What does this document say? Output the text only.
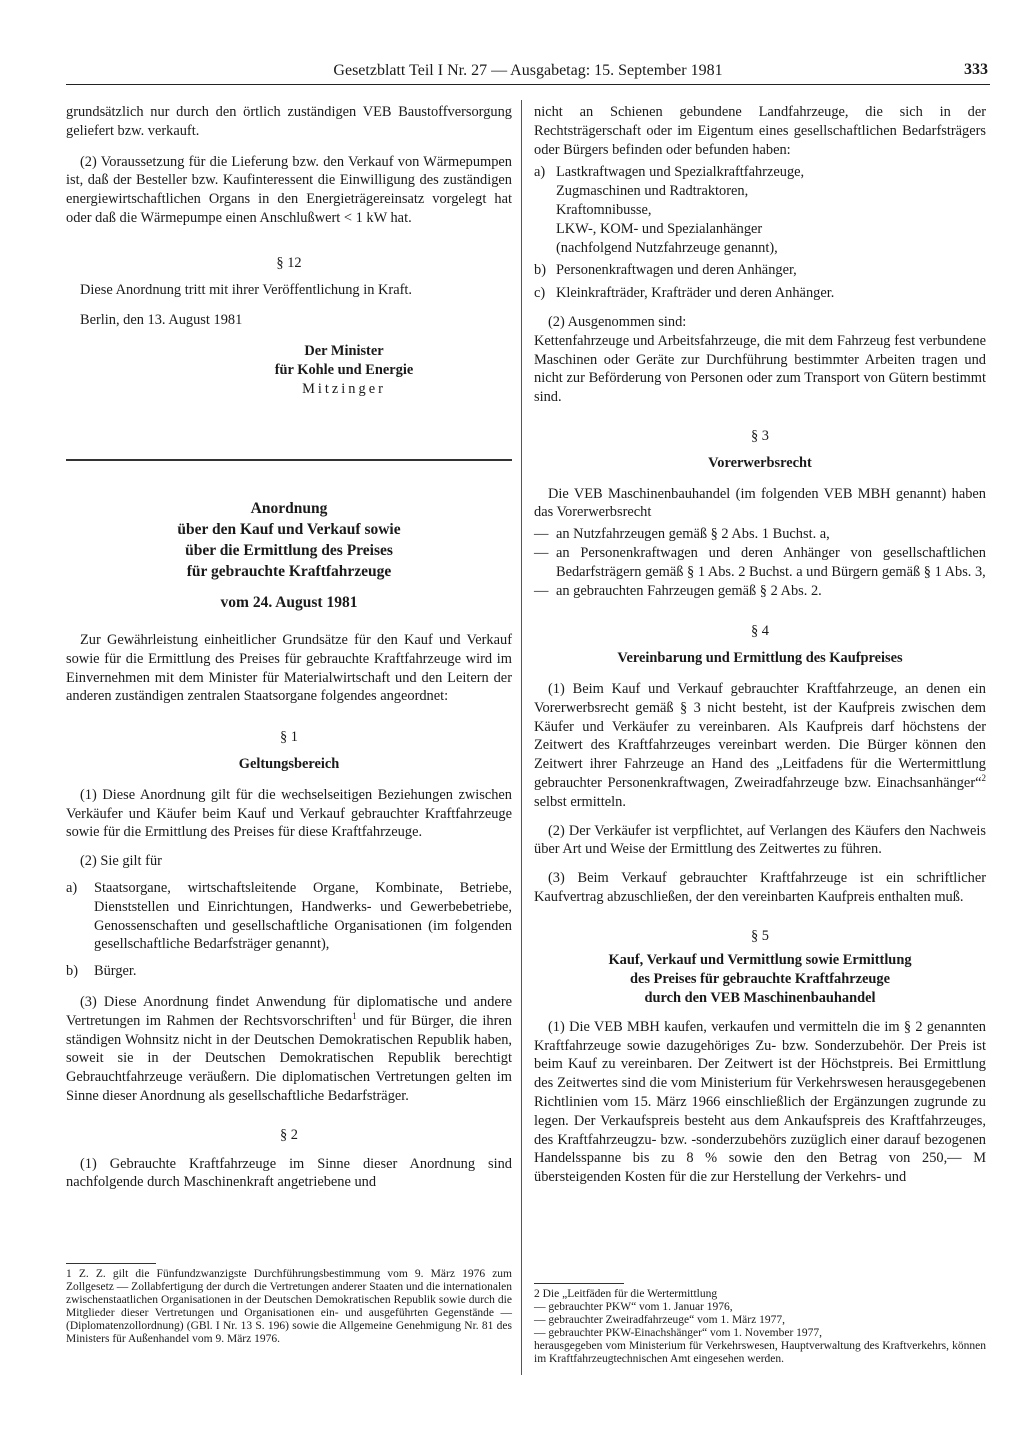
Gesetzblatt Teil I Nr. 27 — Ausgabetag: 15. September 1981	333

grundsätzlich nur durch den örtlich zuständigen VEB Baustoffversorgung geliefert bzw. verkauft.

(2) Voraussetzung für die Lieferung bzw. den Verkauf von Wärmepumpen ist, daß der Besteller bzw. Kaufinteressent die Einwilligung des zuständigen energiewirtschaftlichen Organs in den Energieträgereinsatz vorgelegt hat oder daß die Wärmepumpe einen Anschlußwert < 1 kW hat.

§ 12

Diese Anordnung tritt mit ihrer Veröffentlichung in Kraft.

Berlin, den 13. August 1981

Der Minister

für Kohle und Energie

Mitzinger

Anordnung

über den Kauf und Verkauf sowie

über die Ermittlung des Preises

für gebrauchte Kraftfahrzeuge

vom 24. August 1981

Zur Gewährleistung einheitlicher Grundsätze für den Kauf und Verkauf sowie für die Ermittlung des Preises für gebrauchte Kraftfahrzeuge wird im Einvernehmen mit dem Minister für Materialwirtschaft und den Leitern der anderen zuständigen zentralen Staatsorgane folgendes angeordnet:

§ 1

Geltungsbereich

(1) Diese Anordnung gilt für die wechselseitigen Beziehungen zwischen Verkäufer und Käufer beim Kauf und Verkauf gebrauchter Kraftfahrzeuge sowie für die Ermittlung des Preises für diese Kraftfahrzeuge.

(2) Sie gilt für

a)	Staatsorgane, wirtschaftsleitende Organe, Kombinate, Betriebe, Dienststellen und Einrichtungen, Handwerks- und Gewerbebetriebe, Genossenschaften und gesellschaftliche Organisationen (im folgenden gesellschaftliche Bedarfsträger genannt),
b)	Bürger.

(3) Diese Anordnung findet Anwendung für diplomatische und andere Vertretungen im Rahmen der Rechtsvorschriften$^1$ und für Bürger, die ihren ständigen Wohnsitz nicht in der Deutschen Demokratischen Republik haben, soweit sie in der Deutschen Demokratischen Republik berechtigt Gebrauchtfahrzeuge veräußern. Die diplomatischen Vertretungen gelten im Sinne dieser Anordnung als gesellschaftliche Bedarfsträger.

§ 2

(1) Gebrauchte Kraftfahrzeuge im Sinne dieser Anordnung sind nachfolgende durch Maschinenkraft angetriebene und

1 Z. Z. gilt die Fünfundzwanzigste Durchführungsbestimmung vom 9. März 1976 zum Zollgesetz — Zollabfertigung der durch die Vertretungen anderer Staaten und die internationalen zwischenstaatlichen Organisationen in der Deutschen Demokratischen Republik sowie durch die Mitglieder dieser Vertretungen und Organisationen ein- und ausgeführten Gegenstände — (Diplomatenzollordnung) (GBl. I Nr. 13 S. 196) sowie die Allgemeine Genehmigung Nr. 81 des Ministers für Außenhandel vom 9. März 1976.

nicht an Schienen gebundene Landfahrzeuge, die sich in der Rechtsträgerschaft oder im Eigentum eines gesellschaftlichen Bedarfsträgers oder Bürgers befinden oder befunden haben:

a) Lastkraftwagen und Spezialkraftfahrzeuge,
Zugmaschinen und Radtraktoren,
Kraftomnibusse,
LKW-, KOM- und Spezialanhänger
(nachfolgend Nutzfahrzeuge genannt),
b) Personenkraftwagen und deren Anhänger,
c) Kleinkrafträder, Krafträder und deren Anhänger.

(2) Ausgenommen sind:

Kettenfahrzeuge und Arbeitsfahrzeuge, die mit dem Fahrzeug fest verbundene Maschinen oder Geräte zur Durchführung bestimmter Arbeiten tragen und nicht zur Beförderung von Personen oder zum Transport von Gütern bestimmt sind.

§ 3

Vorerwerbsrecht

Die VEB Maschinenbauhandel (im folgenden VEB MBH genannt) haben das Vorerwerbsrecht

— an Nutzfahrzeugen gemäß § 2 Abs. 1 Buchst. a,
— an Personenkraftwagen und deren Anhänger von gesellschaftlichen Bedarfsträgern gemäß § 1 Abs. 2 Buchst. a und Bürgern gemäß § 1 Abs. 3,
— an gebrauchten Fahrzeugen gemäß § 2 Abs. 2.

§ 4

Vereinbarung und Ermittlung des Kaufpreises

(1) Beim Kauf und Verkauf gebrauchter Kraftfahrzeuge, an denen ein Vorerwerbsrecht gemäß § 3 nicht besteht, ist der Kaufpreis zwischen dem Käufer und Verkäufer zu vereinbaren. Als Kaufpreis darf höchstens der Zeitwert des Kraftfahrzeuges vereinbart werden. Die Bürger können den Zeitwert ihrer Fahrzeuge an Hand des „Leitfadens für die Wertermittlung gebrauchter Personenkraftwagen, Zweiradfahrzeuge bzw. Einachsanhänger“$^2$ selbst ermitteln.

(2) Der Verkäufer ist verpflichtet, auf Verlangen des Käufers den Nachweis über Art und Weise der Ermittlung des Zeitwertes zu führen.

(3) Beim Verkauf gebrauchter Kraftfahrzeuge ist ein schriftlicher Kaufvertrag abzuschließen, der den vereinbarten Kaufpreis enthalten muß.

§ 5

Kauf, Verkauf und Vermittlung sowie Ermittlung

des Preises für gebrauchte Kraftfahrzeuge

durch den VEB Maschinenbauhandel

(1) Die VEB MBH kaufen, verkaufen und vermitteln die im § 2 genannten Kraftfahrzeuge sowie dazugehöriges Zu- bzw. Sonderzubehör. Der Preis ist beim Kauf zu vereinbaren. Der Zeitwert ist der Höchstpreis. Bei Ermittlung des Zeitwertes sind die vom Ministerium für Verkehrswesen herausgegebenen Richtlinien vom 15. März 1966 einschließlich der Ergänzungen zugrunde zu legen. Der Verkaufspreis besteht aus dem Ankaufspreis des Kraftfahrzeuges, des Kraftfahrzeugzu- bzw. -sonderzubehörs zuzüglich einer darauf bezogenen Handelsspanne bis zu 8 % sowie den den Betrag von 250,— M übersteigenden Kosten für die zur Herstellung der Verkehrs- und

2 Die „Leitfäden für die Wertermittlung

— gebrauchter PKW“ vom 1. Januar 1976,

— gebrauchter Zweiradfahrzeuge“ vom 1. März 1977,

— gebrauchter PKW-Einachshänger“ vom 1. November 1977,

herausgegeben vom Ministerium für Verkehrswesen, Hauptverwaltung des Kraftverkehrs, können im Kraftfahrzeugtechnischen Amt eingesehen werden.
